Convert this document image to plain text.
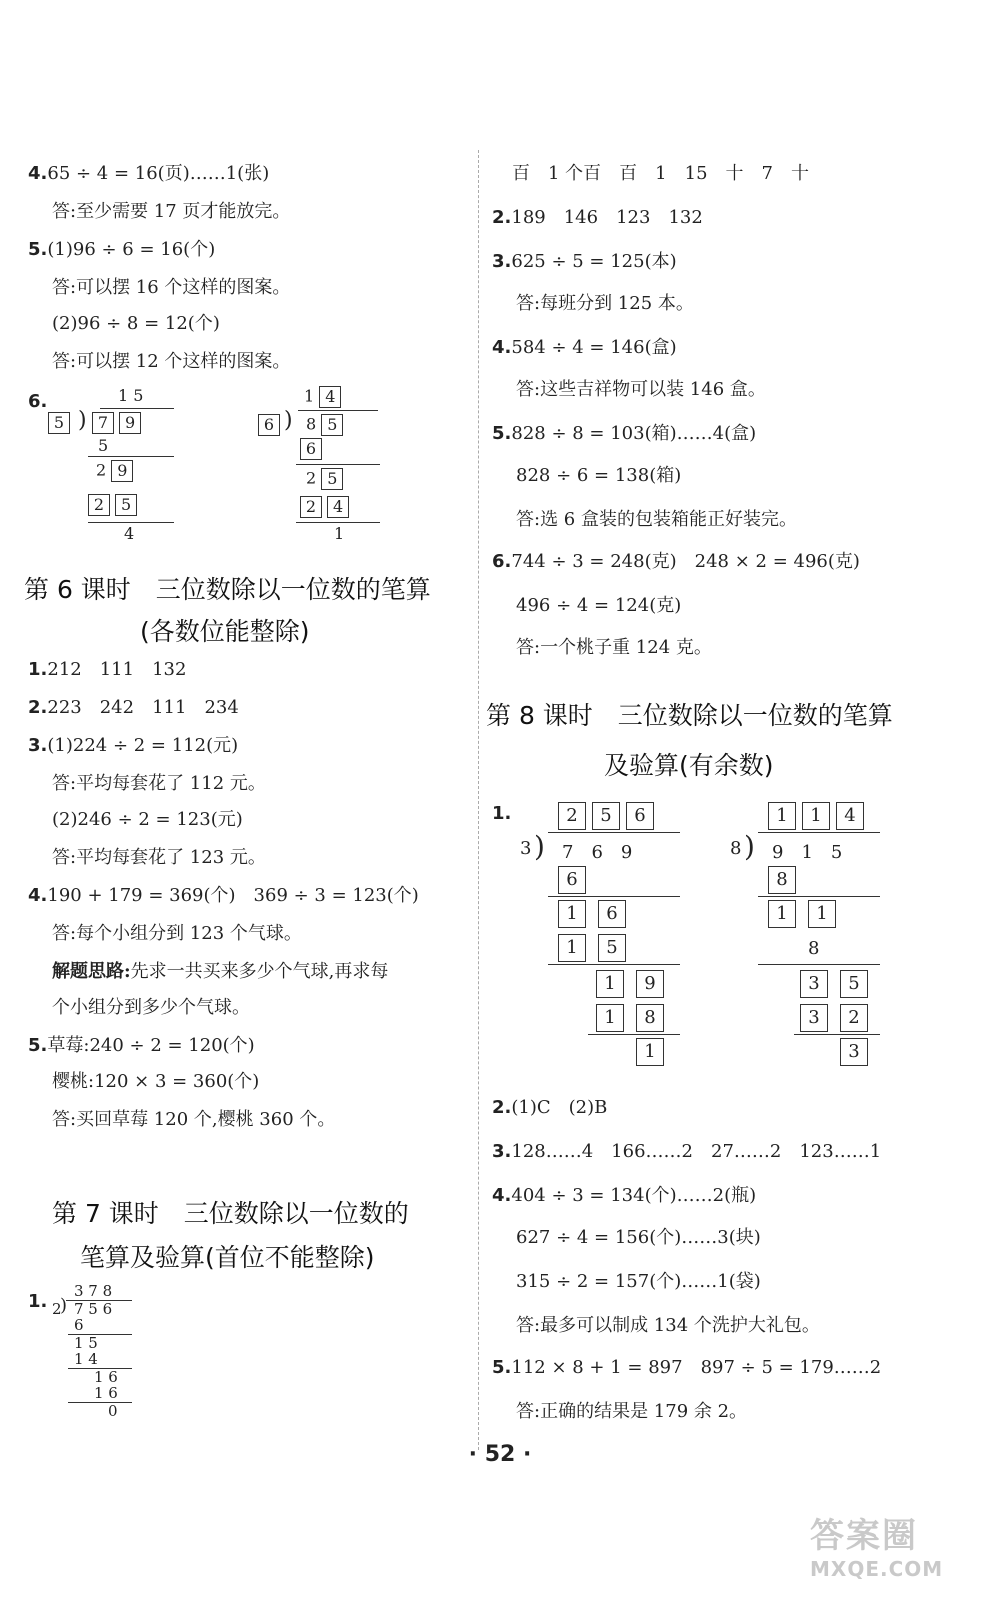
4.65 ÷ 4 = 16(页)……1(张)
答:至少需要 17 页才能放完。
5.(1)96 ÷ 6 = 16(个)
答:可以摆 16 个这样的图案。
(2)96 ÷ 8 = 12(个)
答:可以摆 12 个这样的图案。
6.	1 5
5 ) 7 9
5
2 9
2 5
4
1 4
6 ) 8 5
6
2 5
2 4
1
第 6 课时　三位数除以一位数的笔算
(各数位能整除)
1.212　111　132
2.223　242　111　234
3.(1)224 ÷ 2 = 112(元)
答:平均每套花了 112 元。
(2)246 ÷ 2 = 123(元)
答:平均每套花了 123 元。
4.190 + 179 = 369(个)　369 ÷ 3 = 123(个)
答:每个小组分到 123 个气球。
解题思路:先求一共买来多少个气球,再求每
个小组分到多少个气球。
5.草莓:240 ÷ 2 = 120(个)
樱桃:120 × 3 = 360(个)
答:买回草莓 120 个,樱桃 360 个。
第 7 课时　三位数除以一位数的
笔算及验算(首位不能整除)
1. 3 7 8
2
) 7 5 6
6
1 5
1 4
1 6
1 6
0
百　1 个百　百　1　15　十　7　十
2.189　146　123　132
3.625 ÷ 5 = 125(本)
答:每班分到 125 本。
4.584 ÷ 4 = 146(盒)
答:这些吉祥物可以装 146 盒。
5.828 ÷ 8 = 103(箱)……4(盒)
828 ÷ 6 = 138(箱)
答:选 6 盒装的包装箱能正好装完。
6.744 ÷ 3 = 248(克)　248 × 2 = 496(克)
496 ÷ 4 = 124(克)
答:一个桃子重 124 克。
第 8 课时　三位数除以一位数的笔算
及验算(有余数)
1.	2 5 6
3 ) 7　6　9
6
1 6
1 5
1 9
1 8
1
1 1 4
8 ) 9　1　5
8
1 1
8
3 5
3 2
3
2.(1)C　(2)B
3.128……4　166……2　27……2　123……1
4.404 ÷ 3 = 134(个)……2(瓶)
627 ÷ 4 = 156(个)……3(块)
315 ÷ 2 = 157(个)……1(袋)
答:最多可以制成 134 个洗护大礼包。
5.112 × 8 + 1 = 897　897 ÷ 5 = 179……2
答:正确的结果是 179 余 2。
· 52 ·
答案圈
MXQE.COM
